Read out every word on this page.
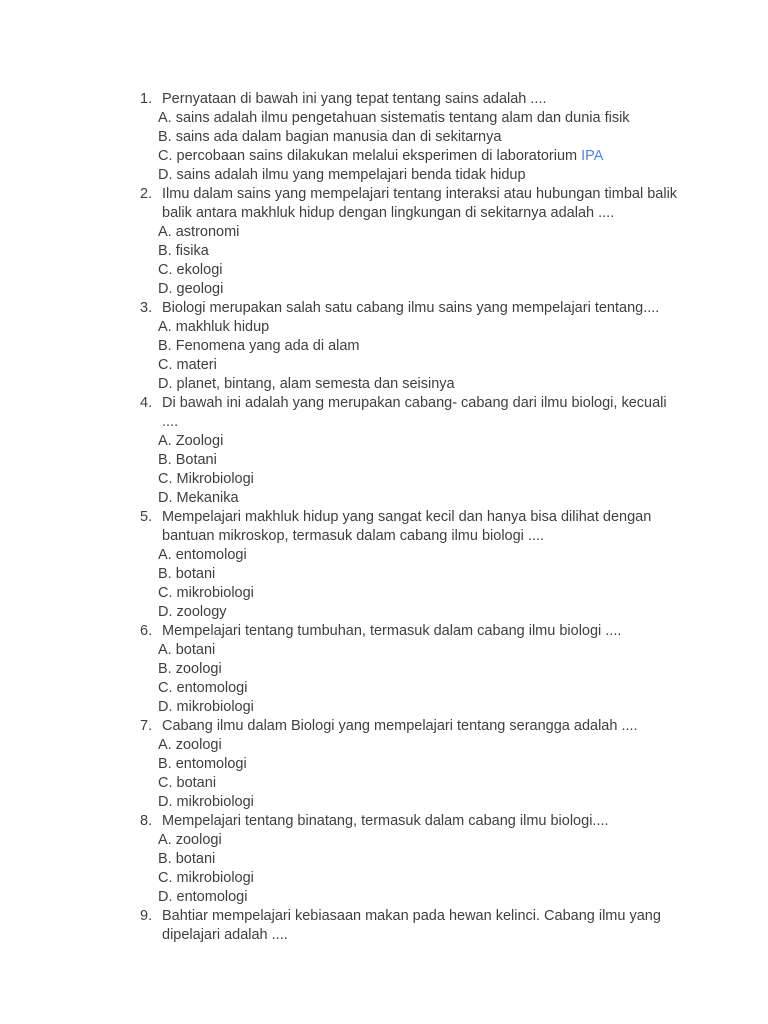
1. Pernyataan di bawah ini yang tepat tentang sains adalah ....
A. sains adalah ilmu pengetahuan sistematis tentang alam dan dunia fisik
B. sains ada dalam bagian manusia dan di sekitarnya
C. percobaan sains dilakukan melalui eksperimen di laboratorium IPA
D. sains adalah ilmu yang mempelajari benda tidak hidup
2. Ilmu dalam sains yang mempelajari tentang interaksi atau hubungan timbal balik balik antara makhluk hidup dengan lingkungan di sekitarnya adalah ....
A. astronomi
B. fisika
C. ekologi
D. geologi
3. Biologi merupakan salah satu cabang ilmu sains yang mempelajari tentang....
A. makhluk hidup
B. Fenomena yang ada di alam
C. materi
D. planet, bintang, alam semesta dan seisinya
4. Di bawah ini adalah yang merupakan cabang- cabang dari ilmu biologi, kecuali ....
A. Zoologi
B. Botani
C. Mikrobiologi
D. Mekanika
5. Mempelajari makhluk hidup yang sangat kecil dan hanya bisa dilihat dengan bantuan mikroskop, termasuk dalam cabang ilmu biologi ....
A. entomologi
B. botani
C. mikrobiologi
D. zoology
6. Mempelajari tentang tumbuhan, termasuk dalam cabang ilmu biologi ....
A. botani
B. zoologi
C. entomologi
D. mikrobiologi
7. Cabang ilmu dalam Biologi yang mempelajari tentang serangga adalah ....
A. zoologi
B. entomologi
C. botani
D. mikrobiologi
8. Mempelajari tentang binatang, termasuk dalam cabang ilmu biologi....
A. zoologi
B. botani
C. mikrobiologi
D. entomologi
9. Bahtiar mempelajari kebiasaan makan pada hewan kelinci. Cabang ilmu yang dipelajari adalah ....
